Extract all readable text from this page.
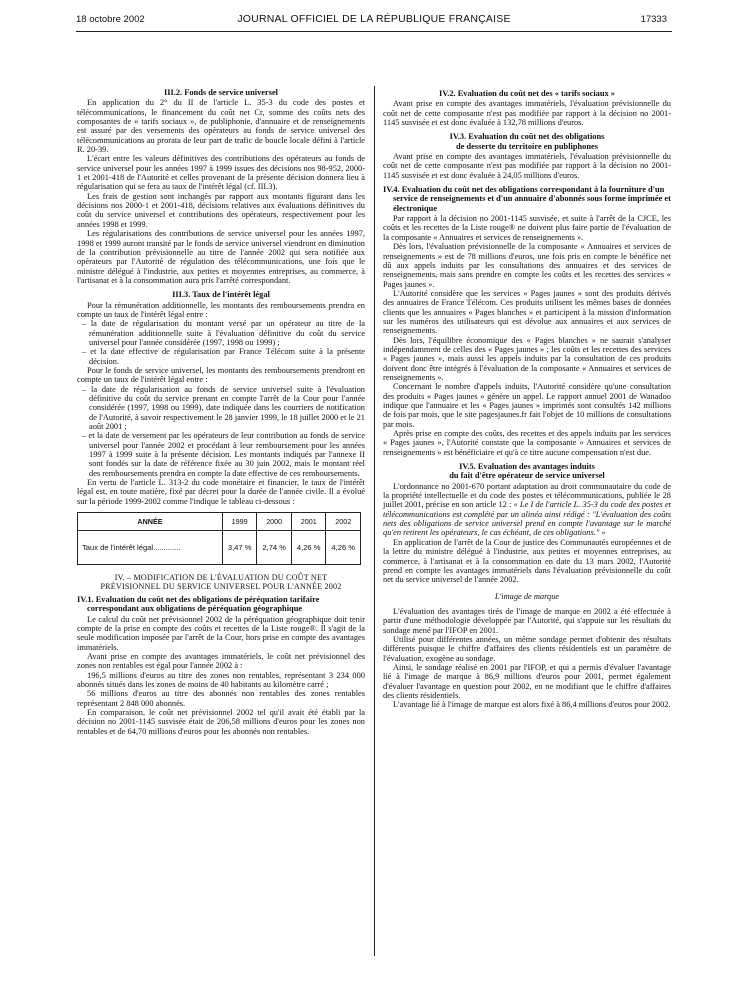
18 octobre 2002	JOURNAL OFFICIEL DE LA RÉPUBLIQUE FRANÇAISE	17333
III.2. Fonds de service universel

En application du 2° du II de l'article L. 35-3 du code des postes et télécommunications, le financement du coût net Cr, somme des coûts nets des composantes de « tarifs sociaux », de publiphonie, d'annuaire et de renseignements est assuré par des versements des opérateurs au fonds de service universel des télécommunications au prorata de leur part de trafic de boucle locale défini à l'article R. 20-39.

L'écart entre les valeurs définitives des contributions des opérateurs au fonds de service universel pour les années 1997 à 1999 issues des décisions nos 98-952, 2000-1 et 2001-418 de l'Autorité et celles provenant de la présente décision donnera lieu à régularisation qui se fera au taux de l'intérêt légal (cf. III.3).

Les frais de gestion sont inchangés par rapport aux montants figurant dans les décisions nos 2000-1 et 2001-418, décisions relatives aux évaluations définitives du coût du service universel et contributions des opérateurs, respectivement pour les années 1998 et 1999.

Les régularisations des contributions de service universel pour les années 1997, 1998 et 1999 auront transité par le fonds de service universel viendront en diminution de la contribution prévisionnelle au titre de l'année 2002 qui sera notifiée aux opérateurs par l'Autorité de régulation des télécommunications, une fois que le ministre délégué à l'industrie, aux petites et moyennes entreprises, au commerce, à l'artisanat et à la consommation aura pris l'arrêté correspondant.

III.3. Taux de l'intérêt légal

Pour la rémunération additionnelle, les montants des remboursements prendra en compte un taux de l'intérêt légal entre :

– la date de régularisation du montant versé par un opérateur au titre de la rémunération additionnelle suite à l'évaluation définitive du coût du service universel pour l'année considérée (1997, 1998 ou 1999) ;
– et la date effective de régularisation par France Télécom suite à la présente décision.

Pour le fonds de service universel, les montants des remboursements prendront en compte un taux de l'intérêt légal entre :

– la date de régularisation au fonds de service universel suite à l'évaluation définitive du coût du service prenant en compte l'arrêt de la Cour pour l'année considérée (1997, 1998 ou 1999), date indiquée dans les courriers de notification de l'Autorité, à savoir respectivement le 28 janvier 1999, le 18 juillet 2000 et le 21 août 2001 ;
– et la date de versement par les opérateurs de leur contribution au fonds de service universel pour l'année 2002 et procédant à leur remboursement pour les années 1997 à 1999 suite à la présente décision. Les montants indiqués par l'annexe II sont fondés sur la date de référence fixée au 30 juin 2002, mais le montant réel des remboursements prendra en compte la date effective de ces remboursements.

En vertu de l'article L. 313-2 du code monétaire et financier, le taux de l'intérêt légal est, en toute matière, fixé par décret pour la durée de l'année civile. Il a évolué sur la période 1999-2002 comme l'indique le tableau ci-dessous :

ANNÉE	1999	2000	2001	2002
Taux de l'intérêt légal.............	3,47 %	2,74 %	4,26 %	4,26 %
IV. – MODIFICATION DE L'ÉVALUATION DU COÛT NET
PRÉVISIONNEL DU SERVICE UNIVERSEL POUR L'ANNÉE 2002
IV.1. Evaluation du coût net des obligations de péréquation tarifaire correspondant aux obligations de péréquation géographique

Le calcul du coût net prévisionnel 2002 de la péréquation géographique doit tenir compte de la prise en compte des coûts et recettes de la Liste rouge®. Il s'agit de la seule modification imposée par l'arrêt de la Cour, hors prise en compte des avantages immatériels.

Avant prise en compte des avantages immatériels, le coût net prévisionnel des zones non rentables est égal pour l'année 2002 à :

196,5 millions d'euros au titre des zones non rentables, représentant 3 234 000 abonnés situés dans les zones de moins de 40 habitants au kilomètre carré ;

56 millions d'euros au titre des abonnés non rentables des zones rentables représentant 2 848 000 abonnés.

En comparaison, le coût net prévisionnel 2002 tel qu'il avait été établi par la décision no 2001-1145 susvisée était de 206,58 millions d'euros pour les zones non rentables et de 64,70 millions d'euros pour les abonnés non rentables.

IV.2. Evaluation du coût net des « tarifs sociaux »

Avant prise en compte des avantages immatériels, l'évaluation prévisionnelle du coût net de cette composante n'est pas modifiée par rapport à la décision no 2001-1145 susvisée et est donc évaluée à 132,78 millions d'euros.

IV.3. Evaluation du coût net des obligations
de desserte du territoire en publiphones

Avant prise en compte des avantages immatériels, l'évaluation prévisionnelle du coût net de cette composante n'est pas modifiée par rapport à la décision no 2001-1145 susvisée et est donc évaluée à 24,05 millions d'euros.

IV.4. Evaluation du coût net des obligations correspondant à la fourniture d'un service de renseignements et d'un annuaire d'abonnés sous forme imprimée et électronique

Par rapport à la décision no 2001-1145 susvisée, et suite à l'arrêt de la CJCE, les coûts et les recettes de la Liste rouge® ne doivent plus faire partie de l'évaluation de la composante « Annuaires et services de renseignements ».

Dès lors, l'évaluation prévisionnelle de la composante « Annuaires et services de renseignements » est de 78 millions d'euros, une fois pris en compte le bénéfice net dû aux appels induits par les consultations des annuaires et des services de renseignements, mais sans prendre en compte les coûts et les recettes des services « Pages jaunes ».

L'Autorité considère que les services « Pages jaunes » sont des produits dérivés des annuaires de France Télécom. Ces produits utilisent les mêmes bases de données clients que les annuaires « Pages blanches » et participent à la mission d'information sur les numéros des utilisateurs qui est dévolue aux annuaires et aux services de renseignements.

Dès lors, l'équilibre économique des « Pages blanches » ne saurait s'analyser indépendamment de celles des « Pages jaunes » ; les coûts et les recettes des services « Pages jaunes », mais aussi les appels induits par la consultation de ces produits doivent donc être intégrés à l'évaluation de la composante « Annuaires et services de renseignements ».

Concernant le nombre d'appels induits, l'Autorité considère qu'une consultation des produits « Pages jaunes » génère un appel. Le rapport annuel 2001 de Wanadoo indique que l'annuaire et les « Pages jaunes » imprimés sont consultés 142 millions de fois par mois, que le site pagesjaunes.fr fait l'objet de 10 millions de consultations par mois.

Après prise en compte des coûts, des recettes et des appels induits par les services « Pages jaunes », l'Autorité constate que la composante « Annuaires et services de renseignements » est bénéficiaire et qu'à ce titre aucune compensation n'est due.

IV.5. Evaluation des avantages induits
du fait d'être opérateur de service universel

L'ordonnance no 2001-670 portant adaptation au droit communautaire du code de la propriété intellectuelle et du code des postes et télécommunications, publiée le 28 juillet 2001, précise en son article 12 : « Le I de l'article L. 35-3 du code des postes et télécommunications est complété par un alinéa ainsi rédigé : "L'évaluation des coûts nets des obligations de service universel prend en compte l'avantage sur le marché qu'en retirent les opérateurs, le cas échéant, de ces obligations." »

En application de l'arrêt de la Cour de justice des Communautés européennes et de la lettre du ministre délégué à l'industrie, aux petites et moyennes entreprises, au commerce, à l'artisanat et à la consommation en date du 13 mars 2002, l'Autorité prend en compte les avantages immatériels dans l'évaluation prévisionnelle du coût net du service universel de l'année 2002.

L'image de marque

L'évaluation des avantages tirés de l'image de marque en 2002 a été effectuée à partir d'une méthodologie développée par l'Autorité, qui s'appuie sur les résultats du sondage mené par l'IFOP en 2001.

Utilisé pour différentes années, un même sondage permet d'obtenir des résultats différents puisque le chiffre d'affaires des clients résidentiels est un paramètre de l'évaluation, exogène au sondage.

Ainsi, le sondage réalisé en 2001 par l'IFOP, et qui a permis d'évaluer l'avantage lié à l'image de marque à 86,9 millions d'euros pour 2001, permet également d'évaluer l'avantage en question pour 2002, en ne modifiant que le chiffre d'affaires des clients résidentiels.

L'avantage lié à l'image de marque est alors fixé à 86,4 millions d'euros pour 2002.
